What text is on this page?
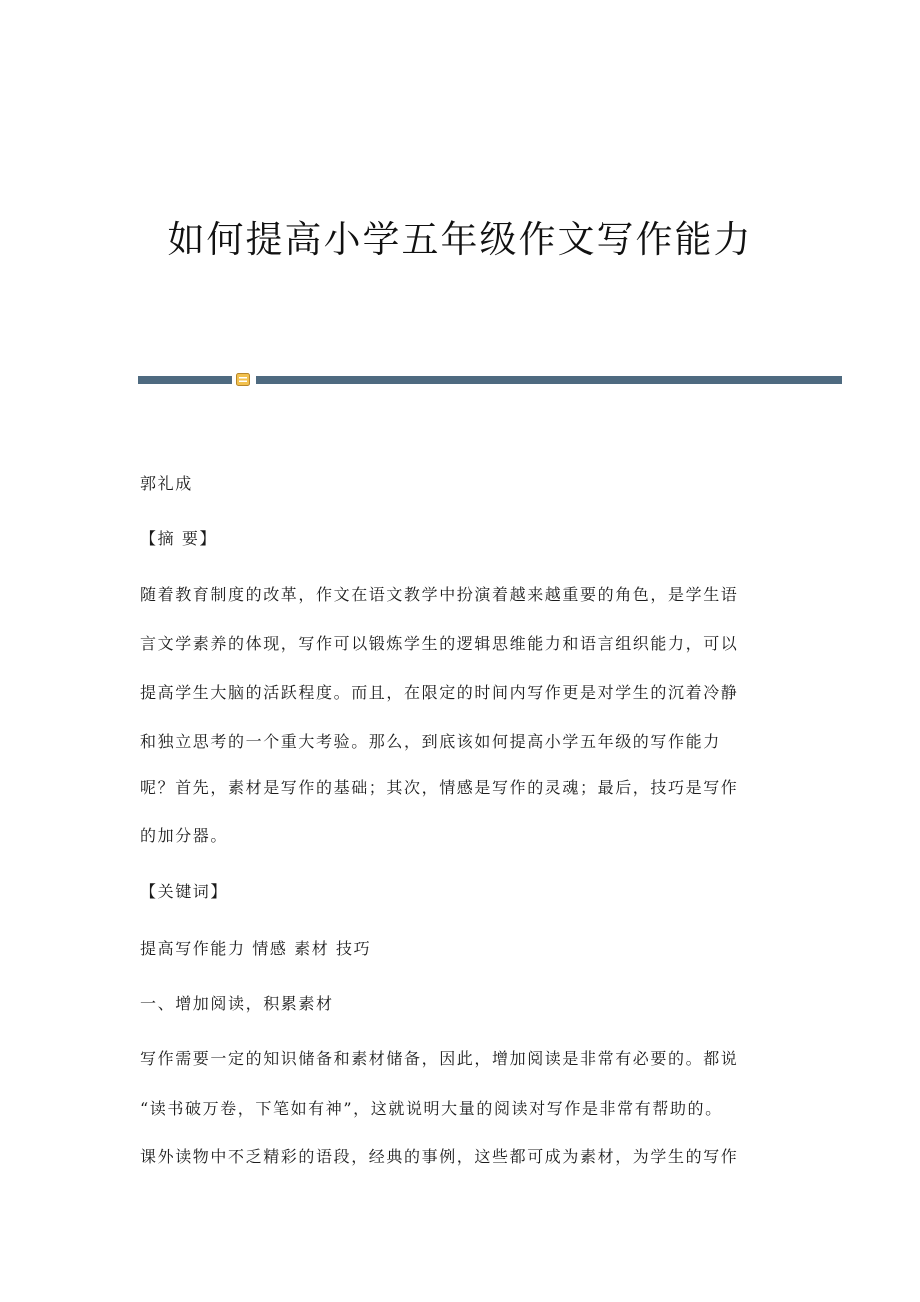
如何提高小学五年级作文写作能力
郭礼成
【摘 要】
随着教育制度的改革，作文在语文教学中扮演着越来越重要的角色，是学生语
言文学素养的体现，写作可以锻炼学生的逻辑思维能力和语言组织能力，可以
提高学生大脑的活跃程度。而且，在限定的时间内写作更是对学生的沉着冷静
和独立思考的一个重大考验。那么，到底该如何提高小学五年级的写作能力
呢？首先，素材是写作的基础；其次，情感是写作的灵魂；最后，技巧是写作
的加分器。
【关键词】
提高写作能力 情感 素材 技巧
一、增加阅读，积累素材
写作需要一定的知识储备和素材储备，因此，增加阅读是非常有必要的。都说
“读书破万卷，下笔如有神”，这就说明大量的阅读对写作是非常有帮助的。
课外读物中不乏精彩的语段，经典的事例，这些都可成为素材，为学生的写作
